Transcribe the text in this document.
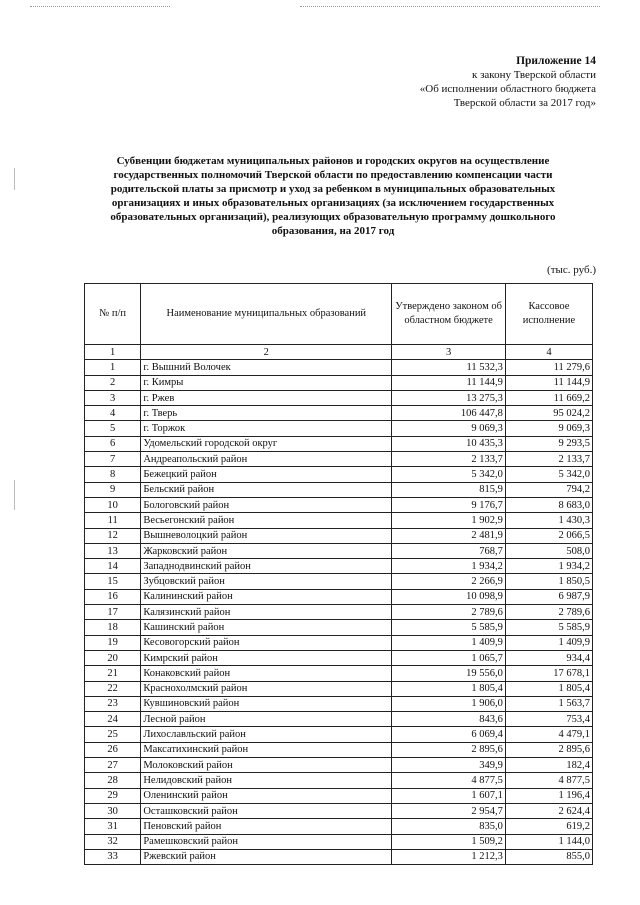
Приложение 14
к закону Тверской области
«Об исполнении областного бюджета
Тверской области за 2017 год»
Субвенции бюджетам муниципальных районов и городских округов на осуществление государственных полномочий Тверской области по предоставлению компенсации части родительской платы за присмотр и уход за ребенком в муниципальных образовательных организациях и иных образовательных организациях (за исключением государственных образовательных организаций), реализующих образовательную программу дошкольного образования, на 2017 год
(тыс. руб.)
№ п/п	Наименование муниципальных образований	Утверждено законом об областном бюджете	Кассовое исполнение
1	2	3	4
1	г. Вышний Волочек	11 532,3	11 279,6
2	г. Кимры	11 144,9	11 144,9
3	г. Ржев	13 275,3	11 669,2
4	г. Тверь	106 447,8	95 024,2
5	г. Торжок	9 069,3	9 069,3
6	Удомельский городской округ	10 435,3	9 293,5
7	Андреапольский район	2 133,7	2 133,7
8	Бежецкий район	5 342,0	5 342,0
9	Бельский район	815,9	794,2
10	Бологовский район	9 176,7	8 683,0
11	Весьегонский район	1 902,9	1 430,3
12	Вышневолоцкий район	2 481,9	2 066,5
13	Жарковский район	768,7	508,0
14	Западнодвинский район	1 934,2	1 934,2
15	Зубцовский район	2 266,9	1 850,5
16	Калининский район	10 098,9	6 987,9
17	Калязинский район	2 789,6	2 789,6
18	Кашинский район	5 585,9	5 585,9
19	Кесовогорский район	1 409,9	1 409,9
20	Кимрский район	1 065,7	934,4
21	Конаковский район	19 556,0	17 678,1
22	Краснохолмский район	1 805,4	1 805,4
23	Кувшиновский район	1 906,0	1 563,7
24	Лесной район	843,6	753,4
25	Лихославльский район	6 069,4	4 479,1
26	Максатихинский район	2 895,6	2 895,6
27	Молоковский район	349,9	182,4
28	Нелидовский район	4 877,5	4 877,5
29	Оленинский район	1 607,1	1 196,4
30	Осташковский район	2 954,7	2 624,4
31	Пеновский район	835,0	619,2
32	Рамешковский район	1 509,2	1 144,0
33	Ржевский район	1 212,3	855,0
